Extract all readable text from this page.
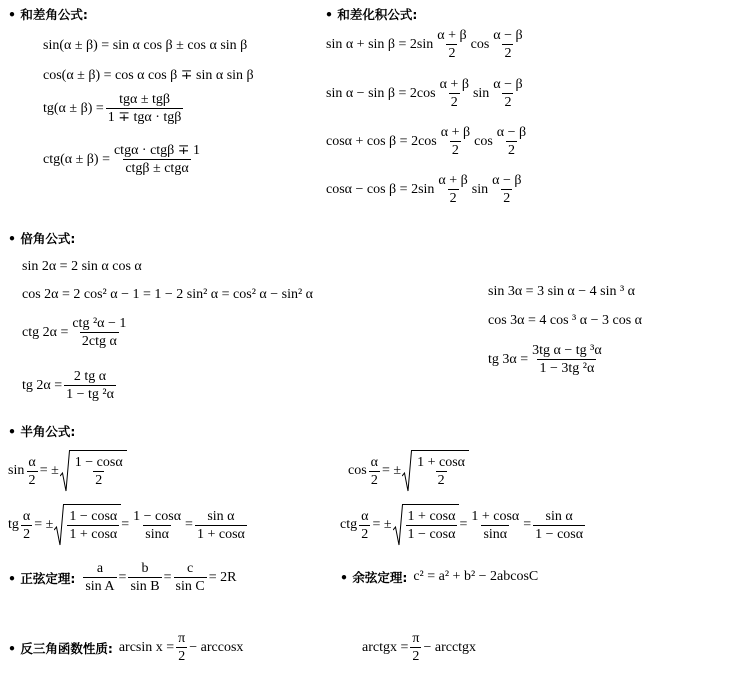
• 和差角公式:
sin(α ± β) = sin α cos β ± cos α sin β
cos(α ± β) = cos α cos β ∓ sin α sin β
tg(α ± β) =
tgα ± tgβ
1 ∓ tgα · tgβ
ctg(α ± β) =
ctgα · ctgβ ∓ 1
ctgβ ± ctgα
• 和差化积公式:
sin α + sin β = 2sin
α + β
2
cos
α − β
2
sin α − sin β = 2cos
α + β
2
sin
α − β
2
cosα + cos β = 2cos
α + β
2
cos
α − β
2
cosα − cos β = 2sin
α + β
2
sin
α − β
2
• 倍角公式:
sin 2α = 2 sin α cos α
cos 2α = 2 cos² α − 1 = 1 − 2 sin² α = cos² α − sin² α
ctg 2α =
ctg ²α − 1
2ctg α
tg $2\alpha = \frac{\text{2 tg α}}{\text{1 − tg ²α}}$
sin 3α = 3 sin α − 4 sin ³ α
cos 3α = 4 cos ³ α − 3 cos α
tg $3\alpha = \frac{\text{3tg α − tg ³α}}{\text{1 − 3tg ²α}}$
• 半角公式:
$\sin \frac{\alpha}{2}$ = ±
1 − cosα
2
$\cos \frac{\alpha}{2}$ = ±
1 + cosα
2
tg $\frac{\alpha}{2}$ = ±
1 − cosα
1 + cosα
= $\frac{1 - \cos\alpha}{\sin\alpha} = \frac{\text{sin α}}{1 + \cos\alpha}$	ctg $\frac{\alpha}{2}$ = ±
1 + cosα
1 − cosα
= $\frac{1 + \cos\alpha}{\sin\alpha} = \frac{\text{sin α}}{1 - \cos\alpha}$
• 正弦定理: $\frac{a}{\text{sin A}} = \frac{b}{\text{sin B}} = \frac{c}{\text{sin C}} = 2R$	• 余弦定理: c² = a² + b² − 2abcosC
• 反三角函数性质: $\arcsin x = \frac{\pi}{2} - \arccos x$	arctgx = $\frac{\pi}{2}$ − arcctgx
